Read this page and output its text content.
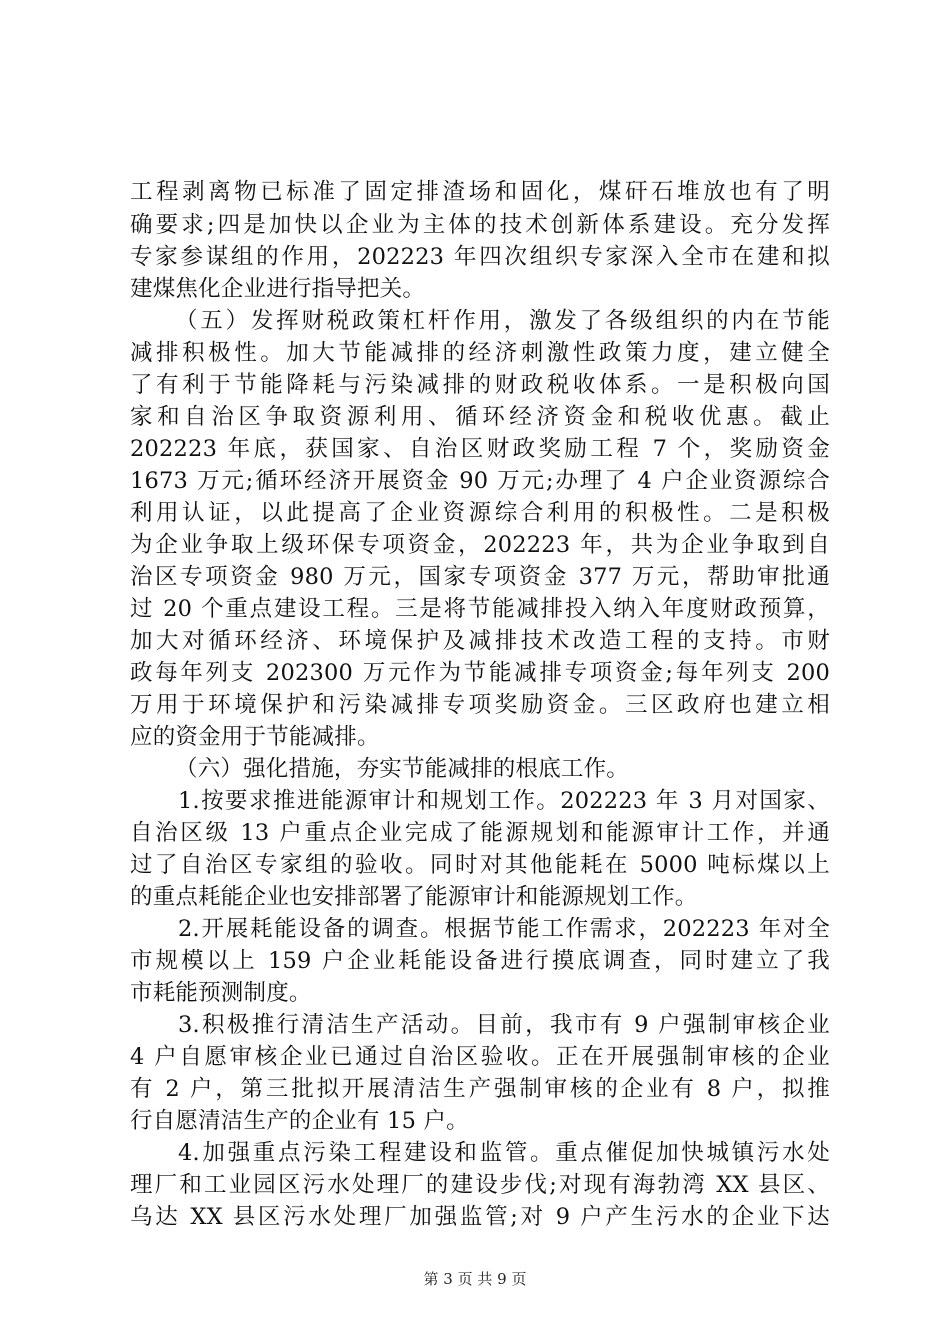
工程剥离物已标准了固定排渣场和固化，煤矸石堆放也有了明
确要求;四是加快以企业为主体的技术创新体系建设。充分发挥
专家参谋组的作用，202223 年四次组织专家深入全市在建和拟
建煤焦化企业进行指导把关。
（五）发挥财税政策杠杆作用，激发了各级组织的内在节能
减排积极性。加大节能减排的经济刺激性政策力度，建立健全
了有利于节能降耗与污染减排的财政税收体系。一是积极向国
家和自治区争取资源利用、循环经济资金和税收优惠。截止
202223 年底，获国家、自治区财政奖励工程 7 个，奖励资金
1673 万元;循环经济开展资金 90 万元;办理了 4 户企业资源综合
利用认证，以此提高了企业资源综合利用的积极性。二是积极
为企业争取上级环保专项资金，202223 年，共为企业争取到自
治区专项资金 980 万元，国家专项资金 377 万元，帮助审批通
过 20 个重点建设工程。三是将节能减排投入纳入年度财政预算，
加大对循环经济、环境保护及减排技术改造工程的支持。市财
政每年列支 202300 万元作为节能减排专项资金;每年列支 200
万用于环境保护和污染减排专项奖励资金。三区政府也建立相
应的资金用于节能减排。
（六）强化措施，夯实节能减排的根底工作。
1.按要求推进能源审计和规划工作。202223 年 3 月对国家、
自治区级 13 户重点企业完成了能源规划和能源审计工作，并通
过了自治区专家组的验收。同时对其他能耗在 5000 吨标煤以上
的重点耗能企业也安排部署了能源审计和能源规划工作。
2.开展耗能设备的调查。根据节能工作需求，202223 年对全
市规模以上 159 户企业耗能设备进行摸底调查，同时建立了我
市耗能预测制度。
3.积极推行清洁生产活动。目前，我市有 9 户强制审核企业
4 户自愿审核企业已通过自治区验收。正在开展强制审核的企业
有 2 户，第三批拟开展清洁生产强制审核的企业有 8 户，拟推
行自愿清洁生产的企业有 15 户。
4.加强重点污染工程建设和监管。重点催促加快城镇污水处
理厂和工业园区污水处理厂的建设步伐;对现有海勃湾 XX 县区、
乌达 XX 县区污水处理厂加强监管;对 9 户产生污水的企业下达
第 3 页 共 9 页
